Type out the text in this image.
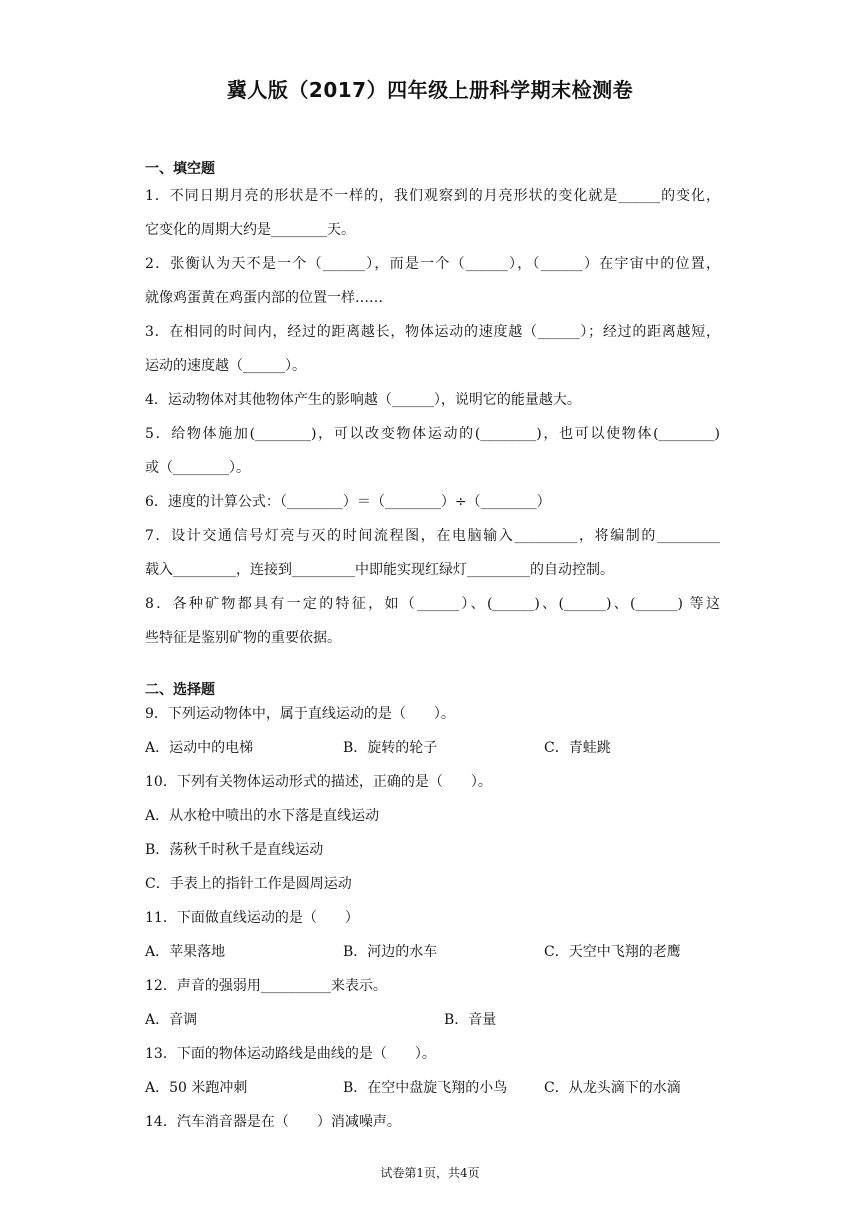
冀人版（2017）四年级上册科学期末检测卷
一、填空题
1．不同日期月亮的形状是不一样的，我们观察到的月亮形状的变化就是______的变化，
它变化的周期大约是________天。
2．张衡认为天不是一个（______），而是一个（______），（______）在宇宙中的位置，
就像鸡蛋黄在鸡蛋内部的位置一样……
3．在相同的时间内，经过的距离越长，物体运动的速度越（______）；经过的距离越短，
运动的速度越（______）。
4．运动物体对其他物体产生的影响越（______），说明它的能量越大。
5．给物体施加(________)，可以改变物体运动的(________)，也可以使物体(________)
或（________）。
6．速度的计算公式：（________）＝（________）÷（________）
7．设计交通信号灯亮与灭的时间流程图，在电脑输入_________，将编制的_________
载入_________，连接到_________中即能实现红绿灯_________的自动控制。
8．各种矿物都具有一定的特征，如（______）、(______)、(______)、(______) 等这
些特征是鉴别矿物的重要依据。
二、选择题
9．下列运动物体中，属于直线运动的是（　　）。
A．运动中的电梯	B．旋转的轮子	C．青蛙跳
10．下列有关物体运动形式的描述，正确的是（　　）。
A．从水枪中喷出的水下落是直线运动
B．荡秋千时秋千是直线运动
C．手表上的指针工作是圆周运动
11．下面做直线运动的是（　　）
A．苹果落地	B．河边的水车	C．天空中飞翔的老鹰
12．声音的强弱用__________来表示。
A．音调	B．音量
13．下面的物体运动路线是曲线的是（　　）。
A．50 米跑冲刺	B．在空中盘旋飞翔的小鸟	C．从龙头滴下的水滴
14．汽车消音器是在（　　）消减噪声。
试卷第1页，共4页
